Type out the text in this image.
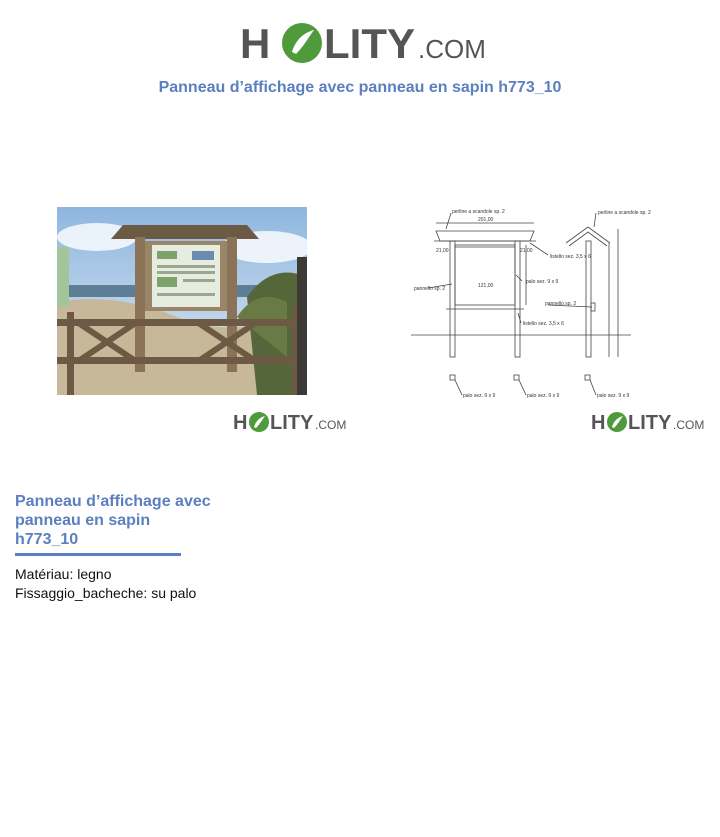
H LITY .COM
Panneau d’affichage avec panneau en sapin h773_10
perline a scandole sp. 2	perline a scandole sp. 2
201,00
21,00	21,00
listello sez. 3,5 x 6
palo sez. 9 x 9
pannello sp. 2	121,00
pannello sp. 2
listello sez. 3,5 x 6
palo sez. 9 x 9	palo sez. 9 x 9	palo sez. 9 x 9
H LITY .COM	H LITY .COM
Panneau d’affichage avec
panneau en sapin
h773_10
Matériau: legno
Fissaggio_bacheche: su palo
